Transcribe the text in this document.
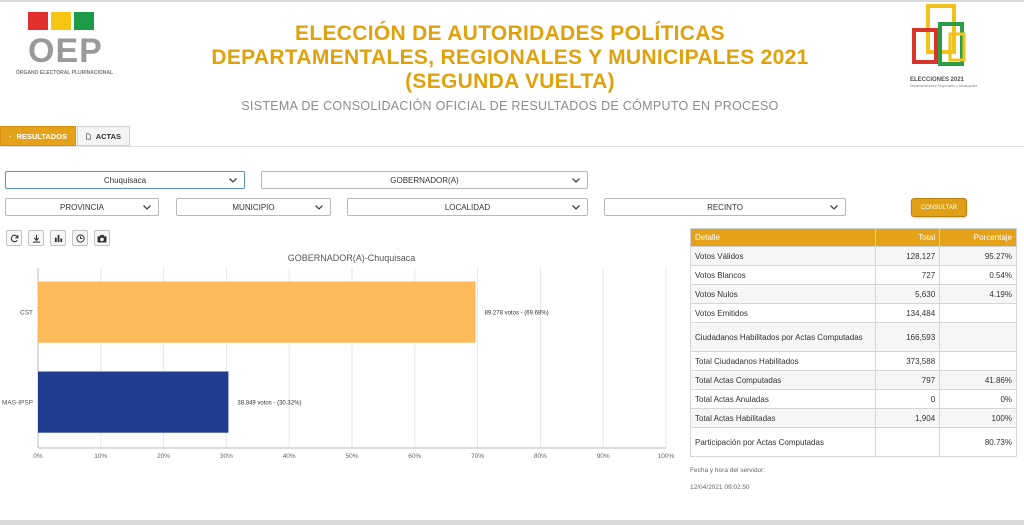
OEP
ÓRGANO ELECTORAL PLURINACIONAL
ELECCIÓN DE AUTORIDADES POLÍTICAS
DEPARTAMENTALES, REGIONALES Y MUNICIPALES 2021
(SEGUNDA VUELTA)
SISTEMA DE CONSOLIDACIÓN OFICIAL DE RESULTADOS DE CÓMPUTO EN PROCESO
ELECCIONES 2021
Departamentales Regionales y Municipales
RESULTADOS	ACTAS
Chuquisaca	GOBERNADOR(A)
PROVINCIA	MUNICIPIO	LOCALIDAD	RECINTO	CONSULTAR
GOBERNADOR(A)-Chuquisaca
0%	10%	20%	30%	40%	50%	60%	70%	80%	90%	100%
CST	89.278 votos - (69.68%)
MAS-IPSP	38.849 votos - (30.32%)
Detalle	Total	Porcentaje
Votos Válidos	128,127	95.27%
Votos Blancos	727	0.54%
Votos Nulos	5,630	4.19%
Votos Emitidos	134,484	
Ciudadanos Habilitados por Actas Computadas	166,593	
Total Ciudadanos Habilitados	373,588	
Total Actas Computadas	797	41.86%
Total Actas Anuladas	0	0%
Total Actas Habilitadas	1,904	100%
Participación por Actas Computadas		80.73%
Fecha y hora del servidor:
12/04/2021 09:02:50
